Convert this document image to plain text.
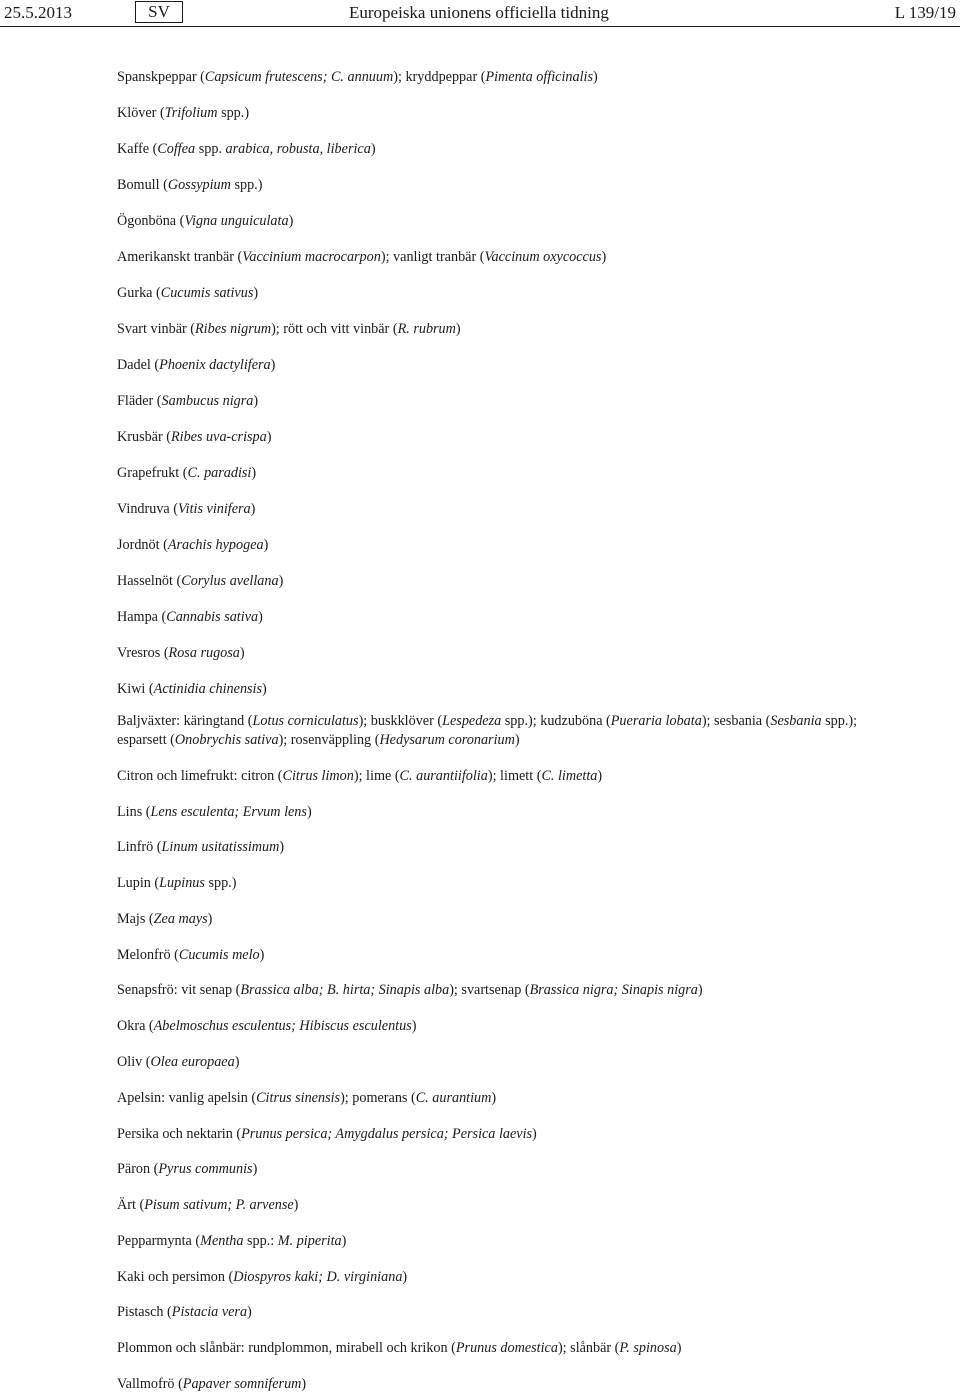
25.5.2013	SV	Europeiska unionens officiella tidning	L 139/19
Spanskpeppar (Capsicum frutescens; C. annuum); kryddpeppar (Pimenta officinalis)
Klöver (Trifolium spp.)
Kaffe (Coffea spp. arabica, robusta, liberica)
Bomull (Gossypium spp.)
Ögonböna (Vigna unguiculata)
Amerikanskt tranbär (Vaccinium macrocarpon); vanligt tranbär (Vaccinum oxycoccus)
Gurka (Cucumis sativus)
Svart vinbär (Ribes nigrum); rött och vitt vinbär (R. rubrum)
Dadel (Phoenix dactylifera)
Fläder (Sambucus nigra)
Krusbär (Ribes uva-crispa)
Grapefrukt (C. paradisi)
Vindruva (Vitis vinifera)
Jordnöt (Arachis hypogea)
Hasselnöt (Corylus avellana)
Hampa (Cannabis sativa)
Vresros (Rosa rugosa)
Kiwi (Actinidia chinensis)
Baljväxter: käringtand (Lotus corniculatus); buskklöver (Lespedeza spp.); kudzuböna (Pueraria lobata); sesbania (Sesbania spp.); esparsett (Onobrychis sativa); rosenväppling (Hedysarum coronarium)
Citron och limefrukt: citron (Citrus limon); lime (C. aurantiifolia); limett (C. limetta)
Lins (Lens esculenta; Ervum lens)
Linfrö (Linum usitatissimum)
Lupin (Lupinus spp.)
Majs (Zea mays)
Melonfrö (Cucumis melo)
Senapsfrö: vit senap (Brassica alba; B. hirta; Sinapis alba); svartsenap (Brassica nigra; Sinapis nigra)
Okra (Abelmoschus esculentus; Hibiscus esculentus)
Oliv (Olea europaea)
Apelsin: vanlig apelsin (Citrus sinensis); pomerans (C. aurantium)
Persika och nektarin (Prunus persica; Amygdalus persica; Persica laevis)
Päron (Pyrus communis)
Ärt (Pisum sativum; P. arvense)
Pepparmynta (Mentha spp.: M. piperita)
Kaki och persimon (Diospyros kaki; D. virginiana)
Pistasch (Pistacia vera)
Plommon och slånbär: rundplommon, mirabell och krikon (Prunus domestica); slånbär (P. spinosa)
Vallmofrö (Papaver somniferum)
